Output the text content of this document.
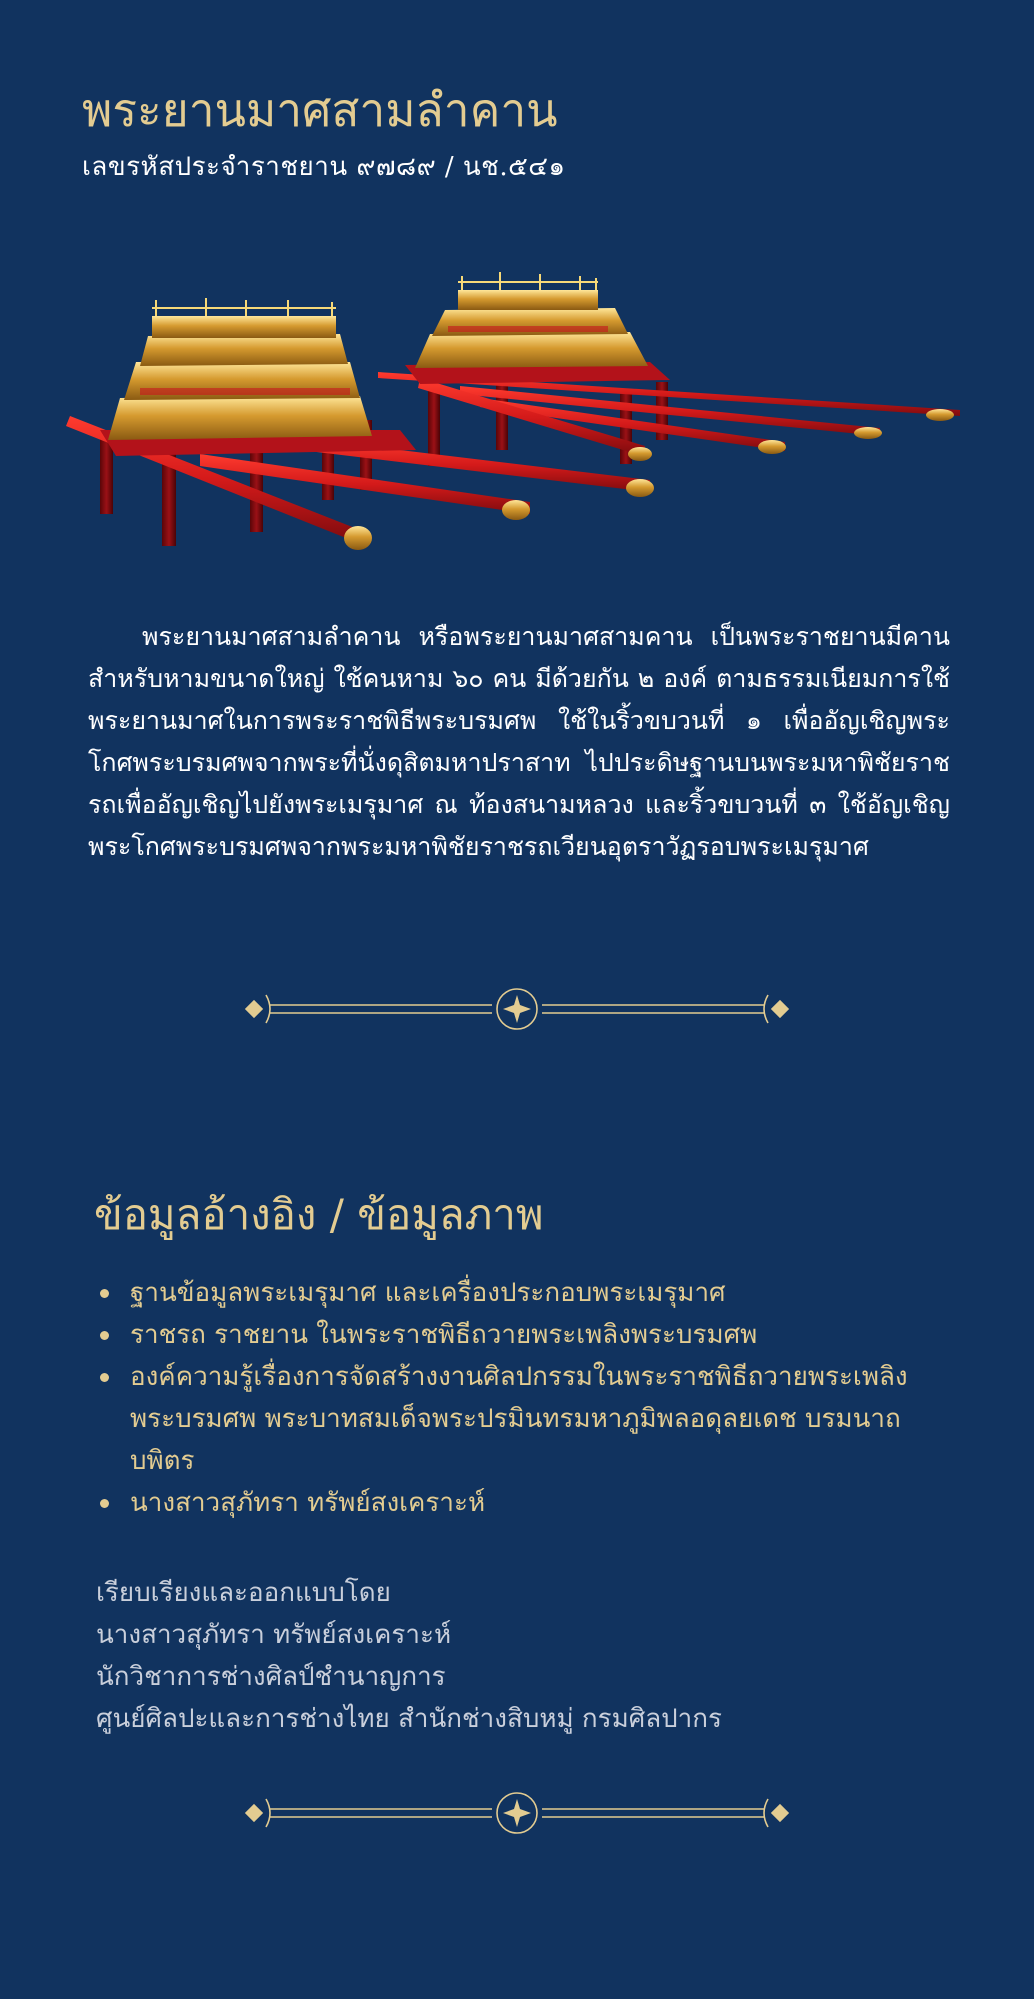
พระยานมาศสามลำคาน

เลขรหัสประจำราชยาน ๙๗๘๙ / นช.๕๔๑

พระยานมาศสามลำคาน หรือพระยานมาศสามคาน เป็นพระราชยานมีคานสำหรับหามขนาดใหญ่ ใช้คนหาม ๖๐ คน มีด้วยกัน ๒ องค์ ตามธรรมเนียมการใช้พระยานมาศในการพระราชพิธีพระบรมศพ ใช้ในริ้วขบวนที่ ๑ เพื่ออัญเชิญพระโกศพระบรมศพจากพระที่นั่งดุสิตมหาปราสาท ไปประดิษฐานบนพระมหาพิชัยราชรถเพื่ออัญเชิญไปยังพระเมรุมาศ ณ ท้องสนามหลวง และริ้วขบวนที่ ๓ ใช้อัญเชิญพระโกศพระบรมศพจากพระมหาพิชัยราชรถเวียนอุตราวัฏรอบพระเมรุมาศ

ข้อมูลอ้างอิง / ข้อมูลภาพ
ฐานข้อมูลพระเมรุมาศ และเครื่องประกอบพระเมรุมาศ
ราชรถ ราชยาน ในพระราชพิธีถวายพระเพลิงพระบรมศพ
องค์ความรู้เรื่องการจัดสร้างงานศิลปกรรมในพระราชพิธีถวายพระเพลิงพระบรมศพ พระบาทสมเด็จพระปรมินทรมหาภูมิพลอดุลยเดช บรมนาถบพิตร
นางสาวสุภัทรา ทรัพย์สงเคราะห์
เรียบเรียงและออกแบบโดย
นางสาวสุภัทรา ทรัพย์สงเคราะห์
นักวิชาการช่างศิลป์ชำนาญการ
ศูนย์ศิลปะและการช่างไทย สำนักช่างสิบหมู่ กรมศิลปากร
